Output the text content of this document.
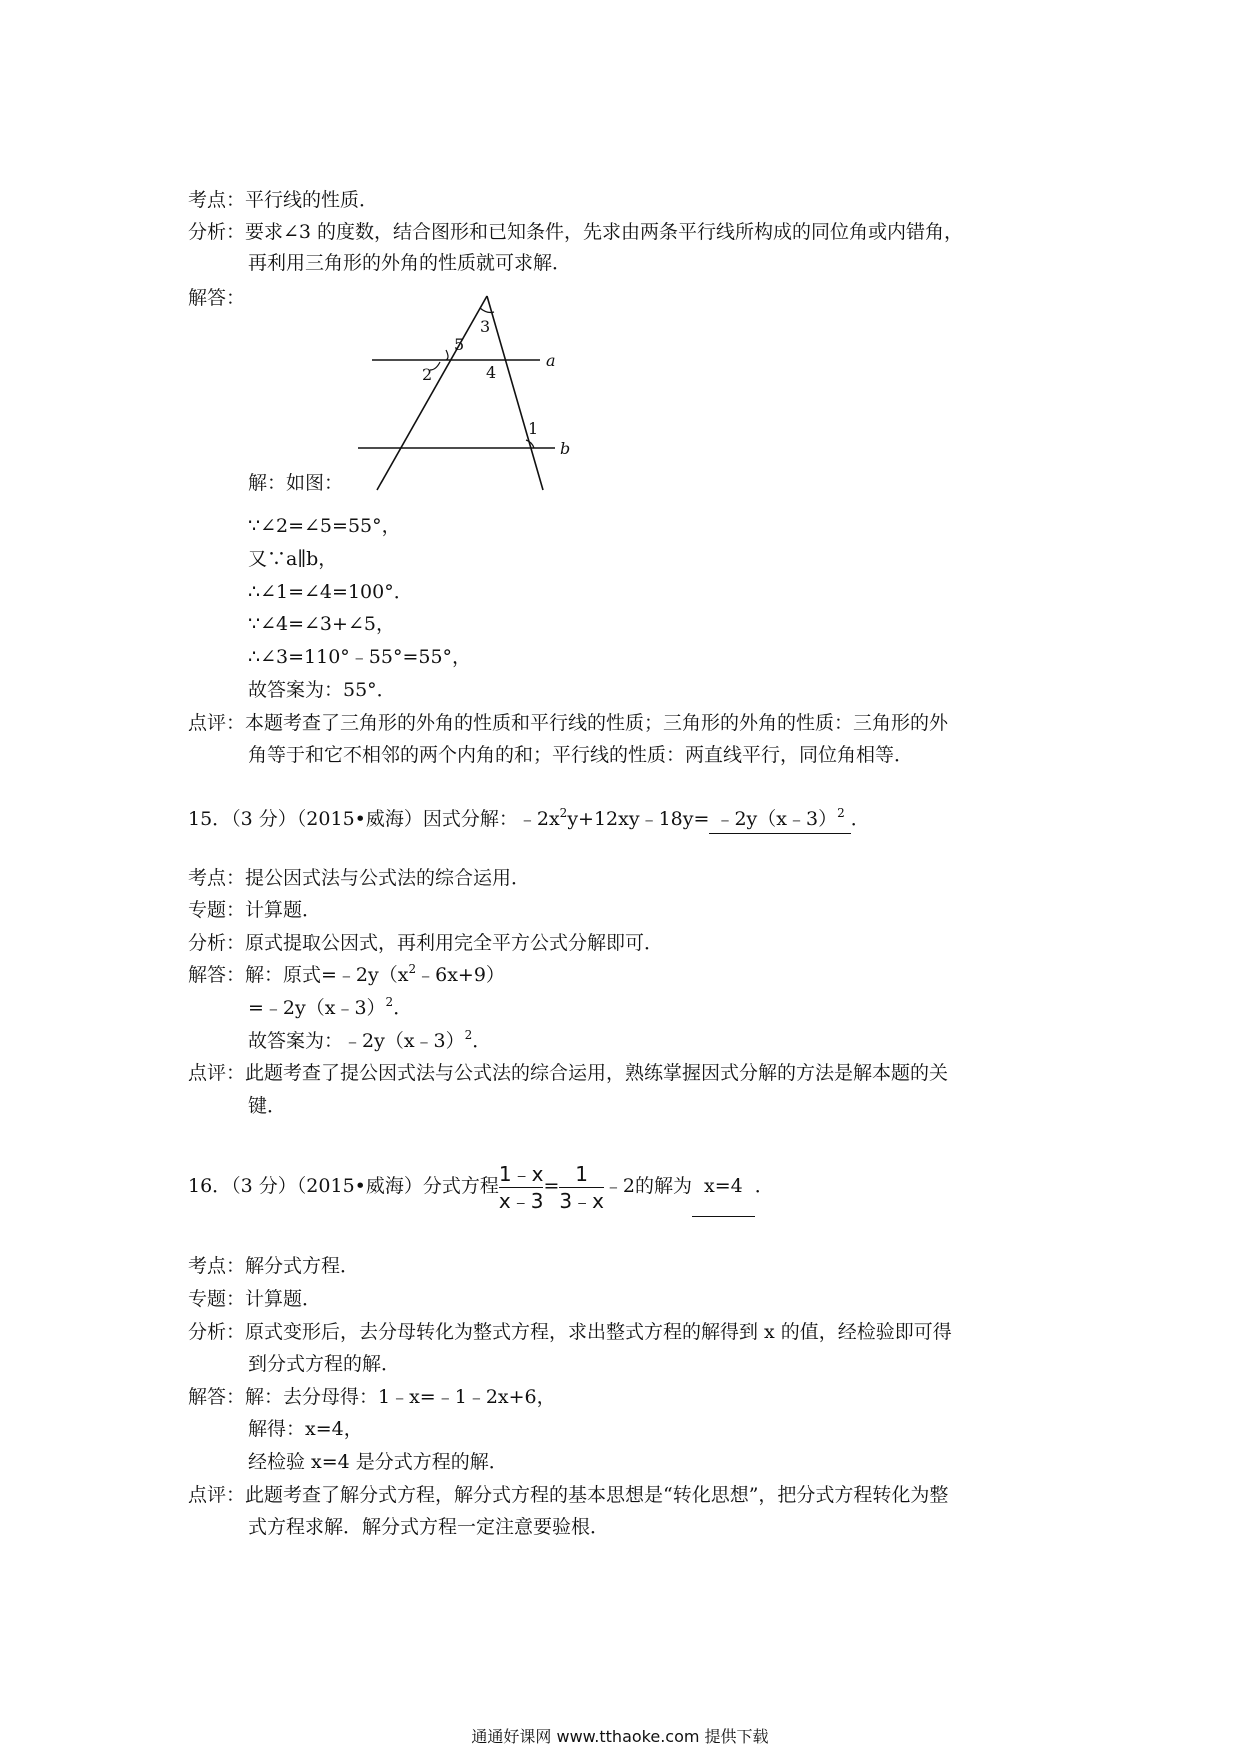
考点：平行线的性质．
分析：要求∠3 的度数，结合图形和已知条件，先求由两条平行线所构成的同位角或内错角，
再利用三角形的外角的性质就可求解．
解答：
a
b
3
5
2	4
1
解：如图：
∵∠2=∠5=55°，
又∵a∥b，
∴∠1=∠4=100°．
∵∠4=∠3+∠5，
∴∠3=110°﹣55°=55°，
故答案为：55°．
点评：本题考查了三角形的外角的性质和平行线的性质；三角形的外角的性质：三角形的外
角等于和它不相邻的两个内角的和；平行线的性质：两直线平行，同位角相等．
15．（3 分）（2015•威海）因式分解：$﹣2x^2y+12xy﹣18y=$ ﹣2y（x﹣3）$^2$ ．
考点：提公因式法与公式法的综合运用．
专题：计算题．
分析：原式提取公因式，再利用完全平方公式分解即可．
解答：解：原式$=﹣2y(x^2﹣6x+9)$
=﹣2y（x﹣3）$^2$．
故答案为：﹣2y（x﹣3）$^2$．
点评：此题考查了提公因式法与公式法的综合运用，熟练掌握因式分解的方法是解本题的关
键．
16．（3 分）（2015•威海）分式方程 $\frac{1﹣x}{x﹣3} = \frac{1}{3﹣x}$ ﹣2的解为 x=4 ．
考点：解分式方程．
专题：计算题．
分析：原式变形后，去分母转化为整式方程，求出整式方程的解得到 x 的值，经检验即可得
到分式方程的解．
解答：解：去分母得：1﹣x=﹣1﹣2x+6，
解得：x=4，
经检验 x=4 是分式方程的解．
点评：此题考查了解分式方程，解分式方程的基本思想是“转化思想”，把分式方程转化为整
式方程求解．解分式方程一定注意要验根．
通通好课网 www.tthaoke.com 提供下载
